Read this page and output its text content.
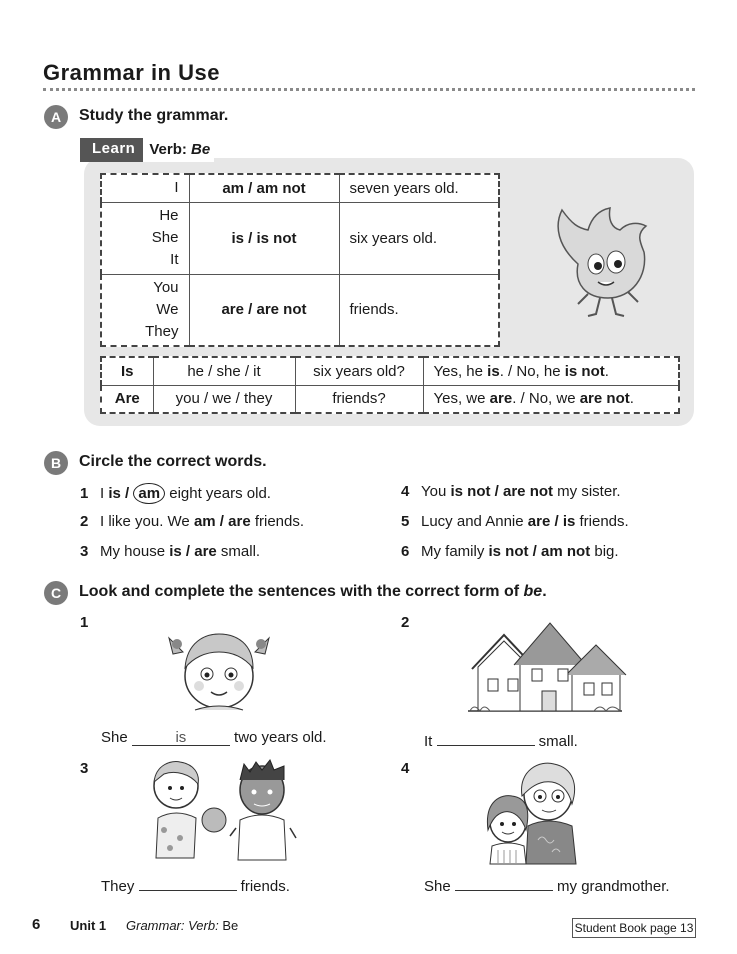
Grammar in Use
A	Study the grammar.
Learn Verb: Be
I	am / am not	seven years old.

He
She
It	is / is not	six years old.

You
We
They	are / are not	friends.
Is	he / she / it	six years old?	Yes, he is. / No, he is not.
Are	you / we / they	friends?	Yes, we are. / No, we are not.
B	Circle the correct words.
1 I is / am eight years old.
2 I like you. We am / are friends.
3 My house is / are small.
4 You is not / are not my sister.
5 Lucy and Annie are / is friends.
6 My family is not / am not big.
C	Look and complete the sentences with the correct form of be.
1	2
3	4
She	is	two years old.	It	small.
They	friends.	She	my grandmother.
6 Unit 1 Grammar: Verb: Be	Student Book page 13
